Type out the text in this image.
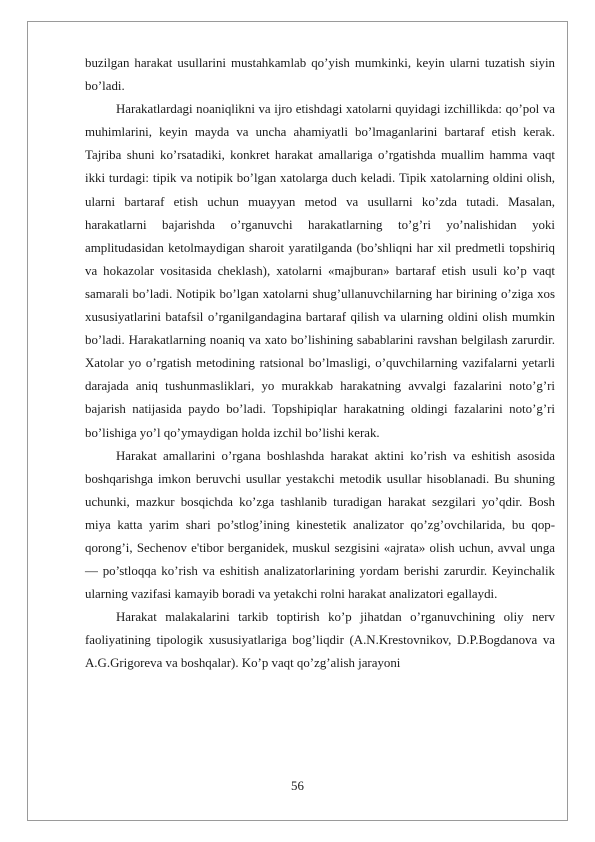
buzilgan harakat usullarini mustahkamlab qo’yish mumkinki, keyin ularni tuzatish siyin bo’ladi.

Harakatlardagi noaniqlikni va ijro etishdagi xatolarni quyidagi izchillikda: qo’pol va muhimlarini, keyin mayda va uncha ahamiyatli bo’lmaganlarini bartaraf etish kerak. Tajriba shuni ko’rsatadiki, konkret harakat amallariga o’rgatishda muallim hamma vaqt ikki turdagi: tipik va notipik bo’lgan xatolarga duch keladi. Tipik xatolarning oldini olish, ularni bartaraf etish uchun muayyan metod va usullarni ko’zda tutadi. Masalan, harakatlarni bajarishda o’rganuvchi harakatlarning to’g’ri yo’nalishidan yoki amplitudasidan ketolmaydigan sharoit yaratilganda (bo’shliqni har xil predmetli topshiriq va hokazolar vositasida cheklash), xatolarni «majburan» bartaraf etish usuli ko’p vaqt samarali bo’ladi. Notipik bo’lgan xatolarni shug’ullanuvchilarning har birining o’ziga xos xususiyatlarini batafsil o’rganilgandagina bartaraf qilish va ularning oldini olish mumkin bo’ladi. Harakatlarning noaniq va xato bo’lishining sabablarini ravshan belgilash zarurdir. Xatolar yo o’rgatish metodining ratsional bo’lmasligi, o’quvchilarning vazifalarni yetarli darajada aniq tushunmasliklari, yo murakkab harakatning avvalgi fazalarini noto’g’ri bajarish natijasida paydo bo’ladi. Topshipiqlar harakatning oldingi fazalarini noto’g’ri bo’lishiga yo’l qo’ymaydigan holda izchil bo’lishi kerak.

Harakat amallarini o’rgana boshlashda harakat aktini ko’rish va eshitish asosida boshqarishga imkon beruvchi usullar yestakchi metodik usullar hisoblanadi. Bu shuning uchunki, mazkur bosqichda ko’zga tashlanib turadigan harakat sezgilari yo’qdir. Bosh miya katta yarim shari po’stlog’ining kinestetik analizator qo’zg’ovchilarida, bu qop-qorong’i, Sechenov e'tibor berganidek, muskul sezgisini «ajrata» olish uchun, avval unga — po’stloqqa ko’rish va eshitish analizatorlarining yordam berishi zarurdir. Keyinchalik ularning vazifasi kamayib boradi va yetakchi rolni harakat analizatori egallaydi.

Harakat malakalarini tarkib toptirish ko’p jihatdan o’rganuvchining oliy nerv faoliyatining tipologik xususiyatlariga bog’liqdir (A.N.Krestovnikov, D.P.Bogdanova va A.G.Grigoreva va boshqalar). Ko’p vaqt qo’zg’alish jarayoni

56
